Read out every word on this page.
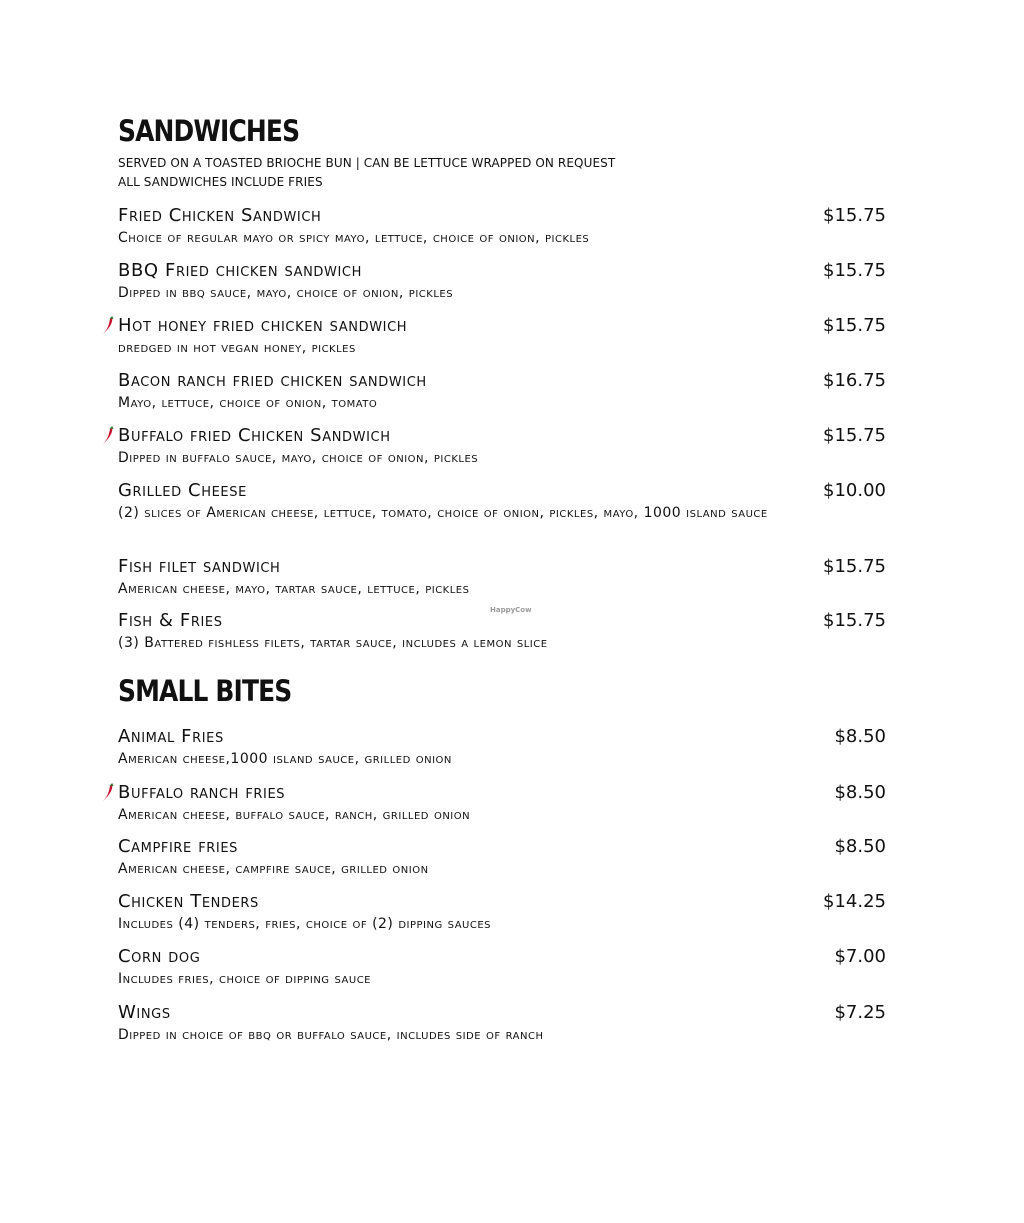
SANDWICHES
SERVED ON A TOASTED BRIOCHE BUN | CAN BE LETTUCE WRAPPED ON REQUEST
ALL SANDWICHES INCLUDE FRIES
Fried Chicken Sandwich
Choice of regular mayo or spicy mayo, lettuce, choice of onion, pickles
$15.75
BBQ Fried chicken sandwich
Dipped in bbq sauce, mayo, choice of onion, pickles
$15.75
Hot honey fried chicken sandwich
dredged in hot vegan honey, pickles
$15.75
Bacon ranch fried chicken sandwich
Mayo, lettuce, choice of onion, tomato
$16.75
Buffalo fried Chicken Sandwich
Dipped in buffalo sauce, mayo, choice of onion, pickles
$15.75
Grilled Cheese
(2) slices of American cheese, lettuce, tomato, choice of onion, pickles, mayo, 1000 island sauce
$10.00
Fish filet sandwich
American cheese, mayo, tartar sauce, lettuce, pickles
$15.75
Fish & Fries
(3) Battered fishless filets, tartar sauce, includes a lemon slice
$15.75
HappyCow
SMALL BITES
Animal Fries
American cheese,1000 island sauce, grilled onion
$8.50
Buffalo ranch fries
American cheese, buffalo sauce, ranch, grilled onion
$8.50
Campfire fries
American cheese, campfire sauce, grilled onion
$8.50
Chicken Tenders
Includes (4) tenders, fries, choice of (2) dipping sauces
$14.25
Corn dog
Includes fries, choice of dipping sauce
$7.00
Wings
Dipped in choice of bbq or buffalo sauce, includes side of ranch
$7.25
